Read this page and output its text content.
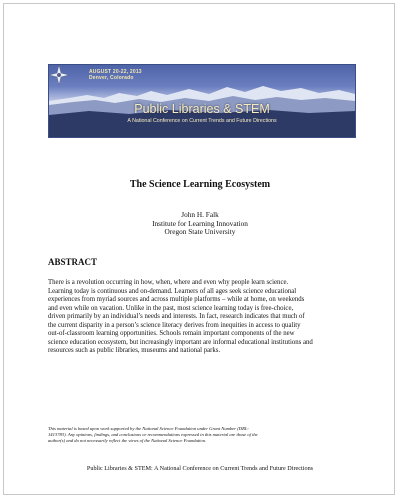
AUGUST 20-22, 2013
Denver, Colorado
Public Libraries & STEM
A National Conference on Current Trends and Future Directions
The Science Learning Ecosystem
John H. Falk
Institute for Learning Innovation
Oregon State University
ABSTRACT
There is a revolution occurring in how, when, where and even why people learn science.
Learning today is continuous and on-demand. Learners of all ages seek science educational
experiences from myriad sources and across multiple platforms – while at home, on weekends
and even while on vacation. Unlike in the past, most science learning today is free-choice,
driven primarily by an individual’s needs and interests. In fact, research indicates that much of
the current disparity in a person’s science literacy derives from inequities in access to quality
out-of-classroom learning opportunities. Schools remain important components of the new
science education ecosystem, but increasingly important are informal educational institutions and
resources such as public libraries, museums and national parks.
This material is based upon work supported by the National Science Foundation under Grant Number (DRL-
1413783). Any opinions, findings, and conclusions or recommendations expressed in this material are those of the
author(s) and do not necessarily reflect the views of the National Science Foundation.
Public Libraries & STEM: A National Conference on Current Trends and Future Directions
